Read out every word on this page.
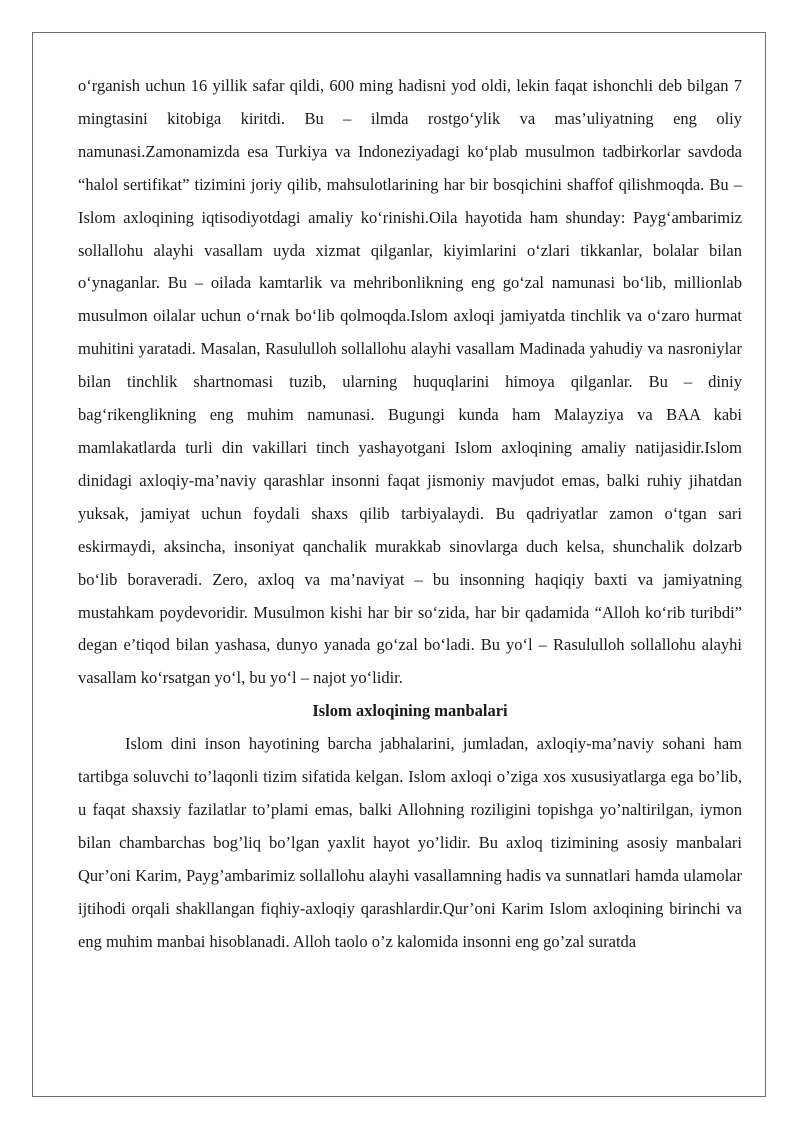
o‘rganish uchun 16 yillik safar qildi, 600 ming hadisni yod oldi, lekin faqat ishonchli deb bilgan 7 mingtasini kitobiga kiritdi. Bu – ilmda rostgo‘ylik va mas’uliyatning eng oliy namunasi.Zamonamizda esa Turkiya va Indoneziyadagi ko‘plab musulmon tadbirkorlar savdoda “halol sertifikat” tizimini joriy qilib, mahsulotlarining har bir bosqichini shaffof qilishmoqda. Bu – Islom axloqining iqtisodiyotdagi amaliy ko‘rinishi.Oila hayotida ham shunday: Payg‘ambarimiz sollallohu alayhi vasallam uyda xizmat qilganlar, kiyimlarini o‘zlari tikkanlar, bolalar bilan o‘ynaganlar. Bu – oilada kamtarlik va mehribonlikning eng go‘zal namunasi bo‘lib, millionlab musulmon oilalar uchun o‘rnak bo‘lib qolmoqda.Islom axloqi jamiyatda tinchlik va o‘zaro hurmat muhitini yaratadi. Masalan, Rasululloh sollallohu alayhi vasallam Madinada yahudiy va nasroniylar bilan tinchlik shartnomasi tuzib, ularning huquqlarini himoya qilganlar. Bu – diniy bag‘rikenglikning eng muhim namunasi. Bugungi kunda ham Malayziya va BAA kabi mamlakatlarda turli din vakillari tinch yashayotgani Islom axloqining amaliy natijasidir.Islom dinidagi axloqiy-ma’naviy qarashlar insonni faqat jismoniy mavjudot emas, balki ruhiy jihatdan yuksak, jamiyat uchun foydali shaxs qilib tarbiyalaydi. Bu qadriyatlar zamon o‘tgan sari eskirmaydi, aksincha, insoniyat qanchalik murakkab sinovlarga duch kelsa, shunchalik dolzarb bo‘lib boraveradi. Zero, axloq va ma’naviyat – bu insonning haqiqiy baxti va jamiyatning mustahkam poydevoridir. Musulmon kishi har bir so‘zida, har bir qadamida “Alloh ko‘rib turibdi” degan e’tiqod bilan yashasa, dunyo yanada go‘zal bo‘ladi. Bu yo‘l – Rasululloh sollallohu alayhi vasallam ko‘rsatgan yo‘l, bu yo‘l – najot yo‘lidir.

Islom axloqining manbalari

Islom dini inson hayotining barcha jabhalarini, jumladan, axloqiy-ma’naviy sohani ham tartibga soluvchi to’laqonli tizim sifatida kelgan. Islom axloqi o’ziga xos xususiyatlarga ega bo’lib, u faqat shaxsiy fazilatlar to’plami emas, balki Allohning roziligini topishga yo’naltirilgan, iymon bilan chambarchas bog’liq bo’lgan yaxlit hayot yo’lidir. Bu axloq tizimining asosiy manbalari Qur’oni Karim, Payg’ambarimiz sollallohu alayhi vasallamning hadis va sunnatlari hamda ulamolar ijtihodi orqali shakllangan fiqhiy-axloqiy qarashlardir.Qur’oni Karim Islom axloqining birinchi va eng muhim manbai hisoblanadi. Alloh taolo o’z kalomida insonni eng go’zal suratda
